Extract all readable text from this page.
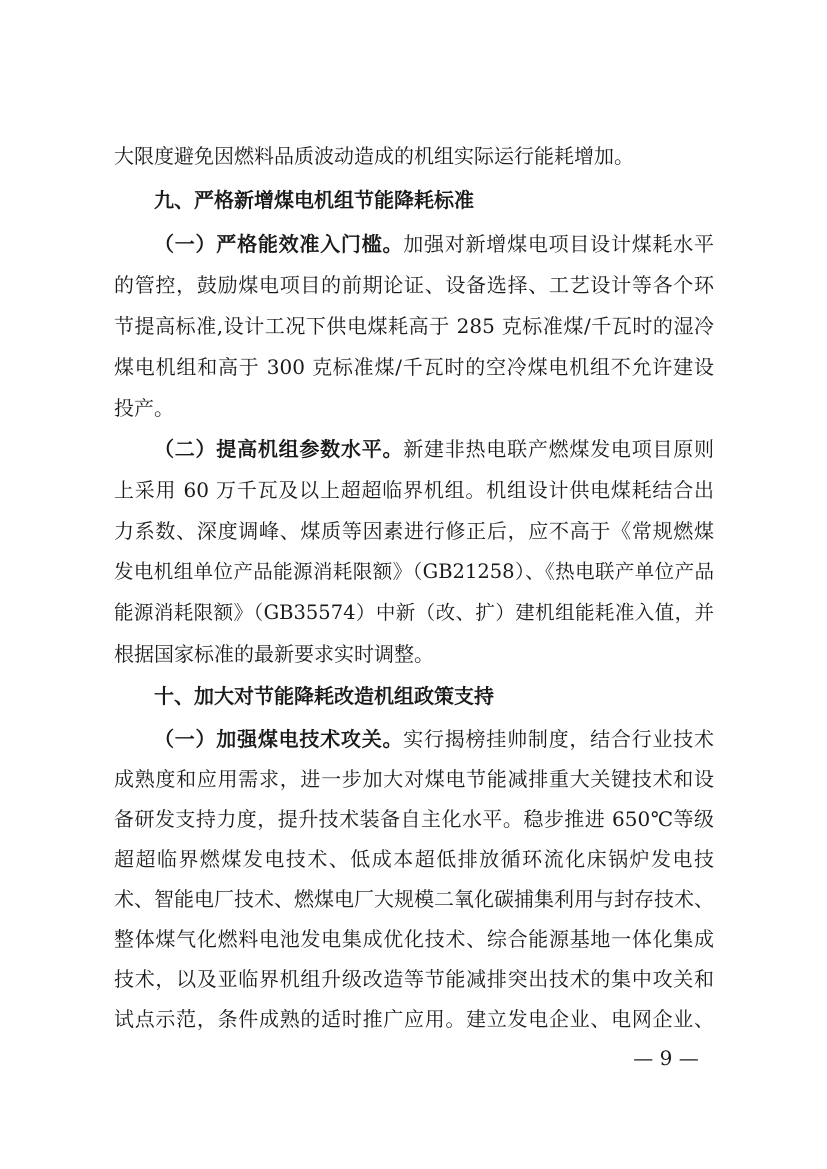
大限度避免因燃料品质波动造成的机组实际运行能耗增加。
九、严格新增煤电机组节能降耗标准
（一）严格能效准入门槛。加强对新增煤电项目设计煤耗水平
的管控，鼓励煤电项目的前期论证、设备选择、工艺设计等各个环
节提高标准,设计工况下供电煤耗高于 285 克标准煤/千瓦时的湿冷
煤电机组和高于 300 克标准煤/千瓦时的空冷煤电机组不允许建设
投产。
（二）提高机组参数水平。新建非热电联产燃煤发电项目原则
上采用 60 万千瓦及以上超超临界机组。机组设计供电煤耗结合出
力系数、深度调峰、煤质等因素进行修正后，应不高于《常规燃煤
发电机组单位产品能源消耗限额》（GB21258）、《热电联产单位产品
能源消耗限额》（GB35574）中新（改、扩）建机组能耗准入值，并
根据国家标准的最新要求实时调整。
十、加大对节能降耗改造机组政策支持
（一）加强煤电技术攻关。实行揭榜挂帅制度，结合行业技术
成熟度和应用需求，进一步加大对煤电节能减排重大关键技术和设
备研发支持力度，提升技术装备自主化水平。稳步推进 650℃等级
超超临界燃煤发电技术、低成本超低排放循环流化床锅炉发电技
术、智能电厂技术、燃煤电厂大规模二氧化碳捕集利用与封存技术、
整体煤气化燃料电池发电集成优化技术、综合能源基地一体化集成
技术，以及亚临界机组升级改造等节能减排突出技术的集中攻关和
试点示范，条件成熟的适时推广应用。建立发电企业、电网企业、
— 9 —
